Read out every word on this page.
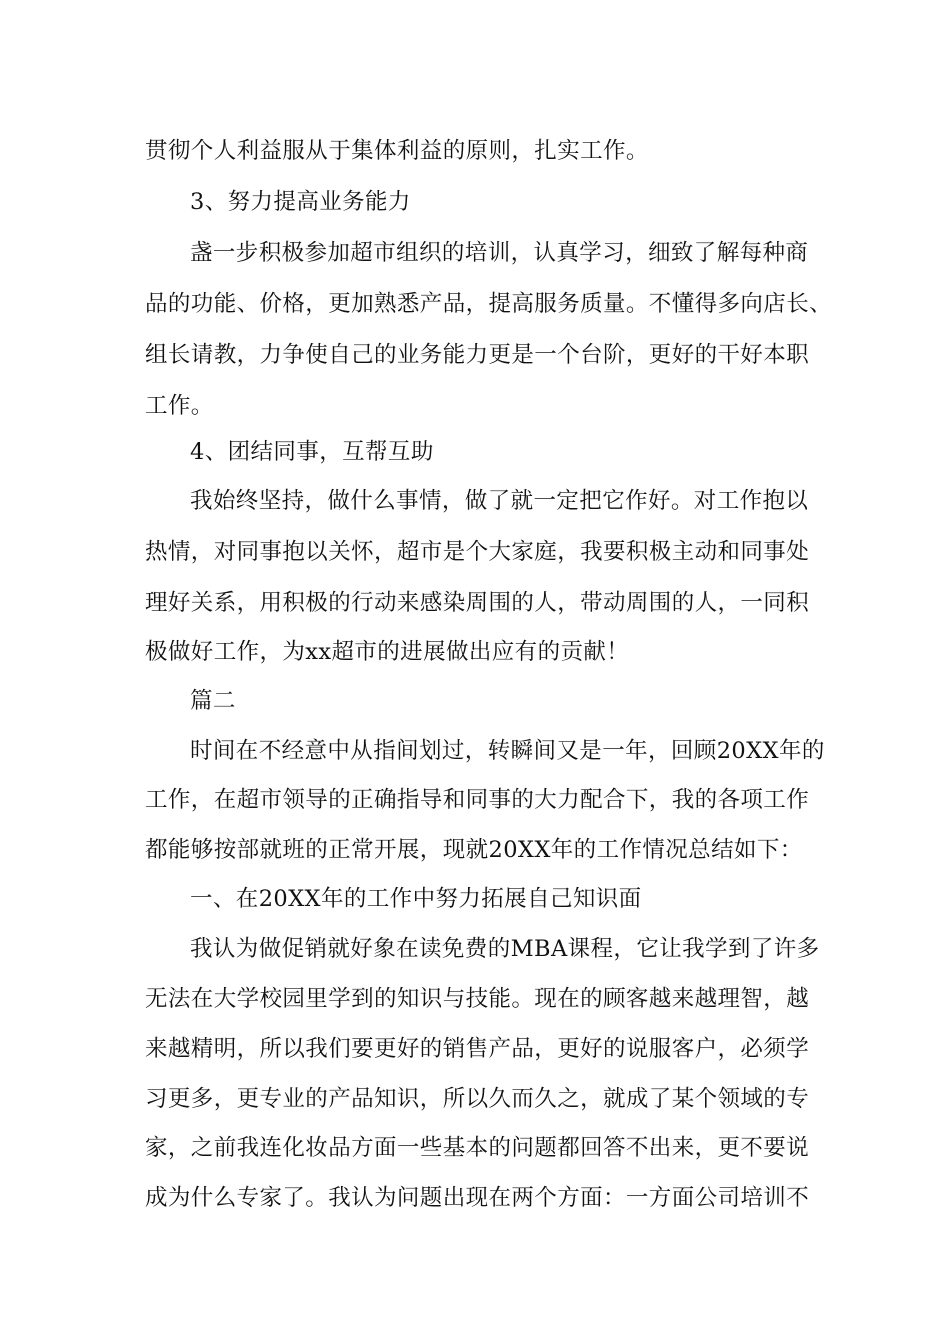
贯彻个人利益服从于集体利益的原则，扎实工作。
3、努力提高业务能力
盏一步积极参加超市组织的培训，认真学习，细致了解每种商
品的功能、价格，更加熟悉产品，提高服务质量。不懂得多向店长、
组长请教，力争使自己的业务能力更是一个台阶，更好的干好本职
工作。
4、团结同事，互帮互助
我始终坚持，做什么事情，做了就一定把它作好。对工作抱以
热情，对同事抱以关怀，超市是个大家庭，我要积极主动和同事处
理好关系，用积极的行动来感染周围的人，带动周围的人，一同积
极做好工作，为xx超市的进展做出应有的贡献！
篇二
时间在不经意中从指间划过，转瞬间又是一年，回顾20XX年的
工作，在超市领导的正确指导和同事的大力配合下，我的各项工作
都能够按部就班的正常开展，现就20XX年的工作情况总结如下：
一、在20XX年的工作中努力拓展自己知识面
我认为做促销就好象在读免费的MBA课程，它让我学到了许多
无法在大学校园里学到的知识与技能。现在的顾客越来越理智，越
来越精明，所以我们要更好的销售产品，更好的说服客户，必须学
习更多，更专业的产品知识，所以久而久之，就成了某个领域的专
家，之前我连化妆品方面一些基本的问题都回答不出来，更不要说
成为什么专家了。我认为问题出现在两个方面：一方面公司培训不
